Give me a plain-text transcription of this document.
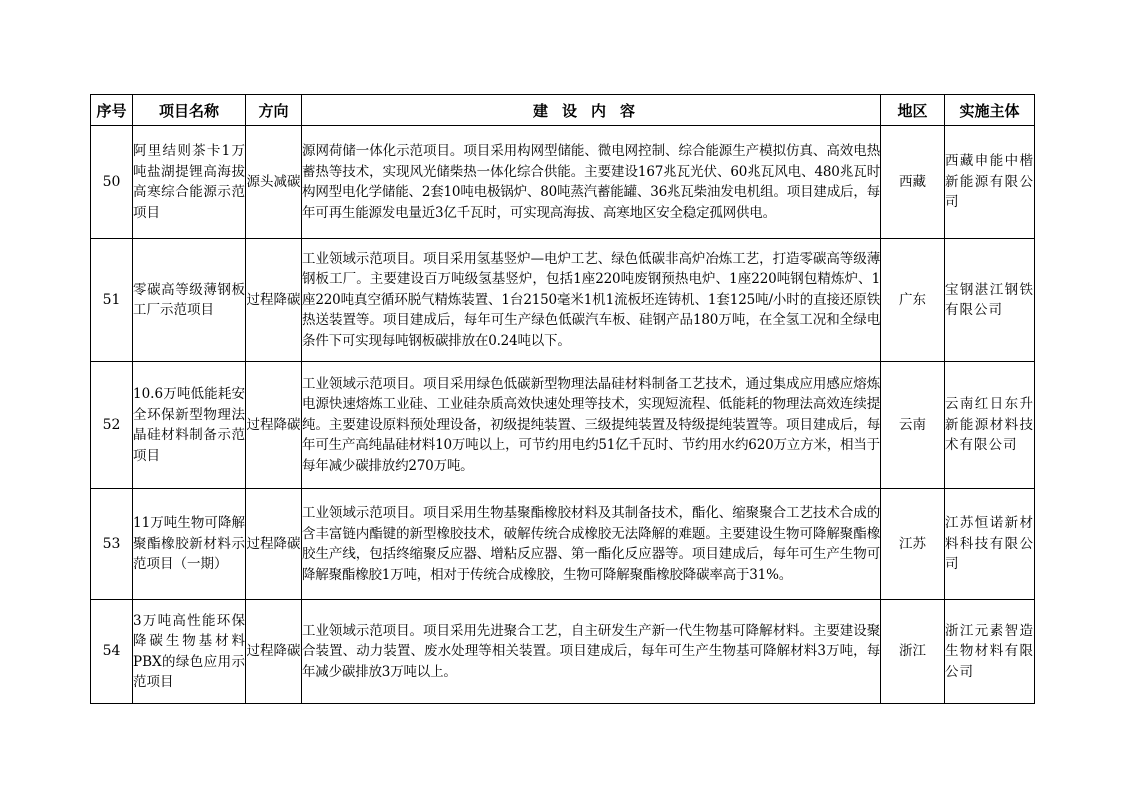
序号	项目名称	方向	建设内容	地区	实施主体
50	阿里结则茶卡1万吨盐湖提锂高海拔高寒综合能源示范项目	源头减碳	源网荷储一体化示范项目。项目采用构网型储能、微电网控制、综合能源生产模拟仿真、高效电热蓄热等技术，实现风光储柴热一体化综合供能。主要建设167兆瓦光伏、60兆瓦风电、480兆瓦时构网型电化学储能、2套10吨电极锅炉、80吨蒸汽蓄能罐、36兆瓦柴油发电机组。项目建成后，每年可再生能源发电量近3亿千瓦时，可实现高海拔、高寒地区安全稳定孤网供电。	西藏	西藏申能中楷新能源有限公司
51	零碳高等级薄钢板工厂示范项目	过程降碳	工业领域示范项目。项目采用氢基竖炉—电炉工艺、绿色低碳非高炉冶炼工艺，打造零碳高等级薄钢板工厂。主要建设百万吨级氢基竖炉，包括1座220吨废钢预热电炉、1座220吨钢包精炼炉、1座220吨真空循环脱气精炼装置、1台2150毫米1机1流板坯连铸机、1套125吨/小时的直接还原铁热送装置等。项目建成后，每年可生产绿色低碳汽车板、硅钢产品180万吨，在全氢工况和全绿电条件下可实现每吨钢板碳排放在0.24吨以下。	广东	宝钢湛江钢铁有限公司
52	10.6万吨低能耗安全环保新型物理法晶硅材料制备示范项目	过程降碳	工业领域示范项目。项目采用绿色低碳新型物理法晶硅材料制备工艺技术，通过集成应用感应熔炼电源快速熔炼工业硅、工业硅杂质高效快速处理等技术，实现短流程、低能耗的物理法高效连续提纯。主要建设原料预处理设备，初级提纯装置、三级提纯装置及特级提纯装置等。项目建成后，每年可生产高纯晶硅材料10万吨以上，可节约用电约51亿千瓦时、节约用水约620万立方米，相当于每年减少碳排放约270万吨。	云南	云南红日东升新能源材料技术有限公司
53	11万吨生物可降解聚酯橡胶新材料示范项目（一期）	过程降碳	工业领域示范项目。项目采用生物基聚酯橡胶材料及其制备技术，酯化、缩聚聚合工艺技术合成的含丰富链内酯键的新型橡胶技术，破解传统合成橡胶无法降解的难题。主要建设生物可降解聚酯橡胶生产线，包括终缩聚反应器、增粘反应器、第一酯化反应器等。项目建成后，每年可生产生物可降解聚酯橡胶1万吨，相对于传统合成橡胶，生物可降解聚酯橡胶降碳率高于31%。	江苏	江苏恒诺新材料科技有限公司
54	3万吨高性能环保降碳生物基材料PBX的绿色应用示范项目	过程降碳	工业领域示范项目。项目采用先进聚合工艺，自主研发生产新一代生物基可降解材料。主要建设聚合装置、动力装置、废水处理等相关装置。项目建成后，每年可生产生物基可降解材料3万吨，每年减少碳排放3万吨以上。	浙江	浙江元素智造生物材料有限公司
